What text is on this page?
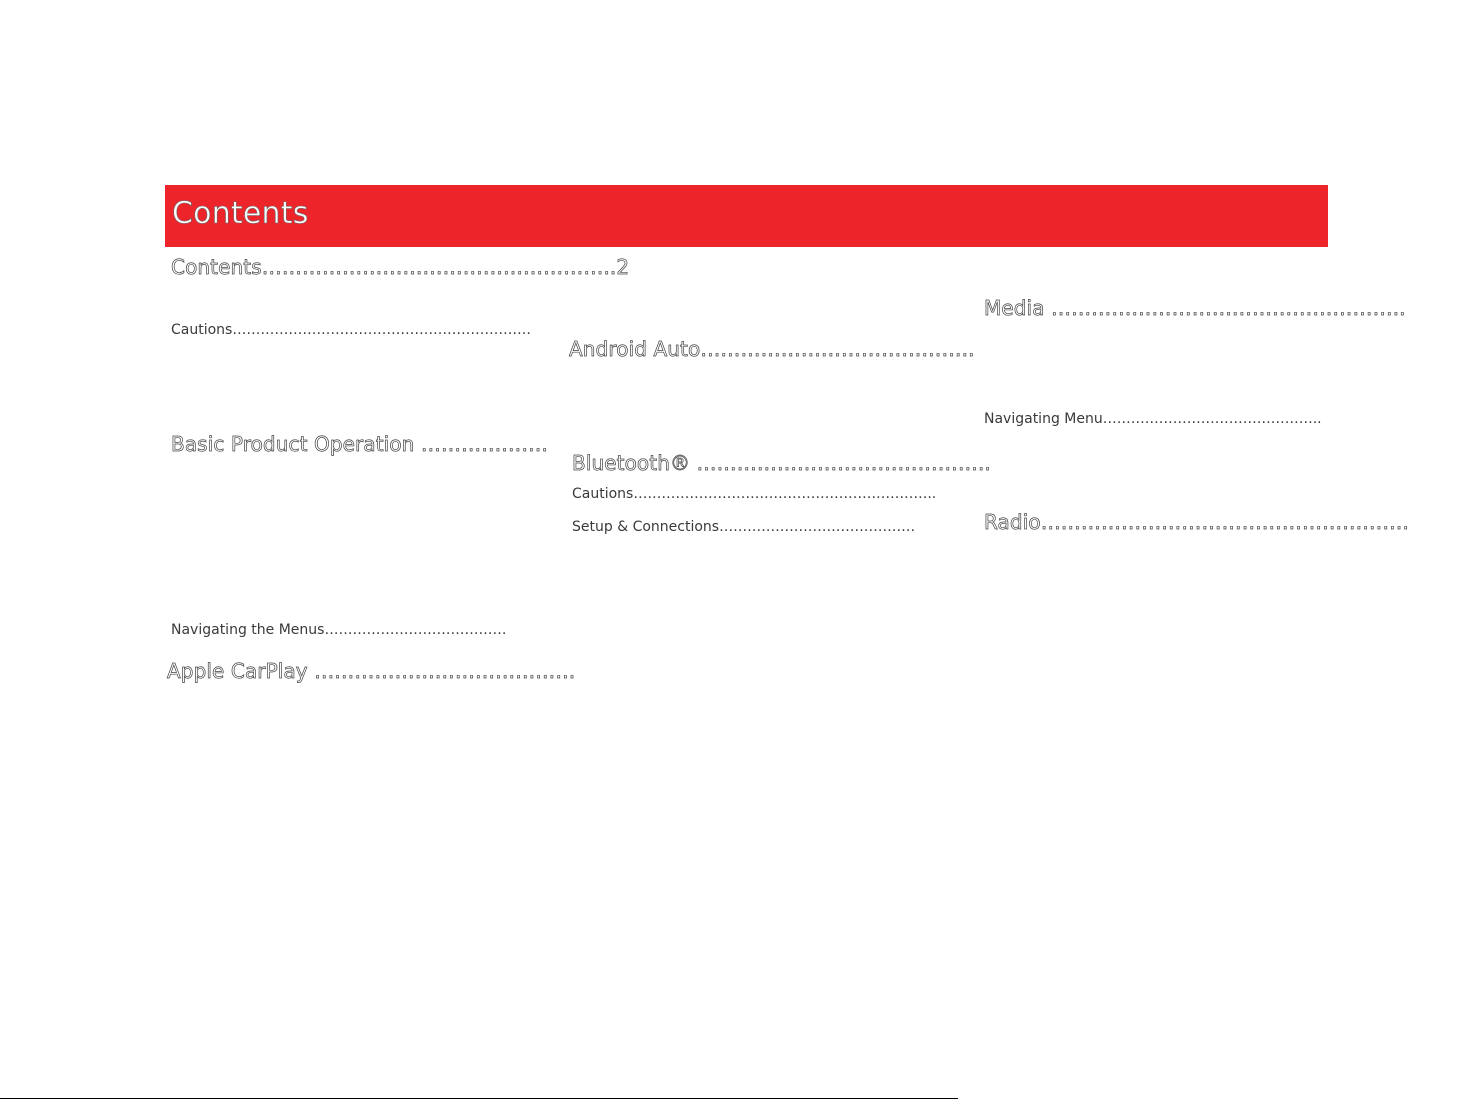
Contents
Contents……………………………………………..2
Cautions……………………………………………………….
Basic Product Operation ……………….
Navigating the Menus…………………………………
Apple CarPlay …………………………………
Android Auto…………………………………..
Bluetooth® ……………………………………..
Cautions………………………………………………………..
Setup & Connections……………………………………
Media ……………………………………………..
Navigating Menu………………………………………..
Radio……………………………………………….
